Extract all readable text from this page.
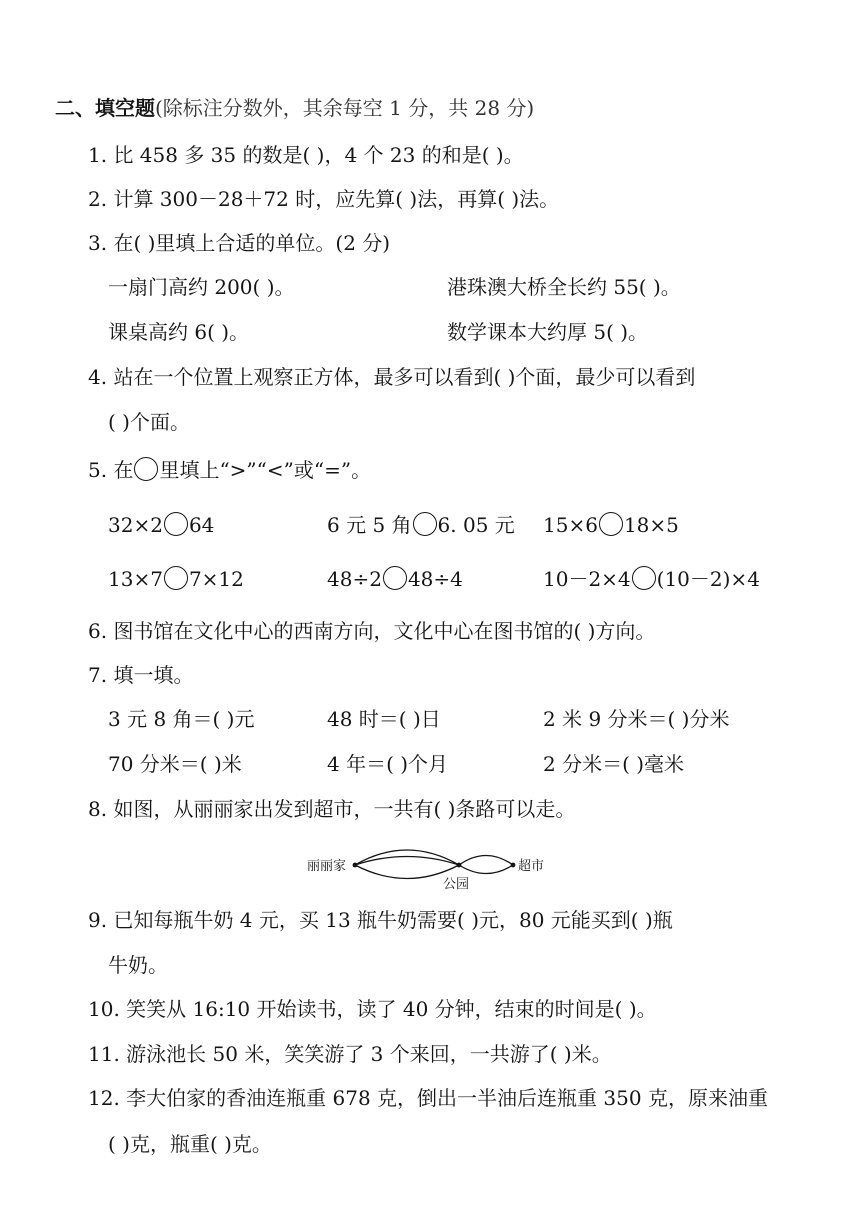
二、填空题(除标注分数外，其余每空 1 分，共 28 分)
1. 比 458 多 35 的数是( )，4 个 23 的和是( )。
2. 计算 300－28＋72 时，应先算( )法，再算( )法。
3. 在( )里填上合适的单位。(2 分)
一扇门高约 200( )。	港珠澳大桥全长约 55( )。
课桌高约 6( )。	数学课本大约厚 5( )。
4. 站在一个位置上观察正方体，最多可以看到( )个面，最少可以看到
( )个面。
5. 在 里填上“>”“<”或“=”。
32×2 64	6 元 5 角 6. 05 元 15×6 18×5
13×7 7×12	48÷2 48÷4	10－2×4 (10－2)×4
6. 图书馆在文化中心的西南方向，文化中心在图书馆的( )方向。
7. 填一填。
3 元 8 角＝( )元	48 时＝( )日	2 米 9 分米＝( )分米
70 分米＝( )米	4 年＝( )个月	2 分米＝( )毫米
8. 如图，从丽丽家出发到超市，一共有( )条路可以走。
丽丽家
公园
超市
9. 已知每瓶牛奶 4 元，买 13 瓶牛奶需要( )元，80 元能买到( )瓶
牛奶。
10. 笑笑从 16:10 开始读书，读了 40 分钟，结束的时间是( )。
11. 游泳池长 50 米，笑笑游了 3 个来回，一共游了( )米。
12. 李大伯家的香油连瓶重 678 克，倒出一半油后连瓶重 350 克，原来油重
( )克，瓶重( )克。
